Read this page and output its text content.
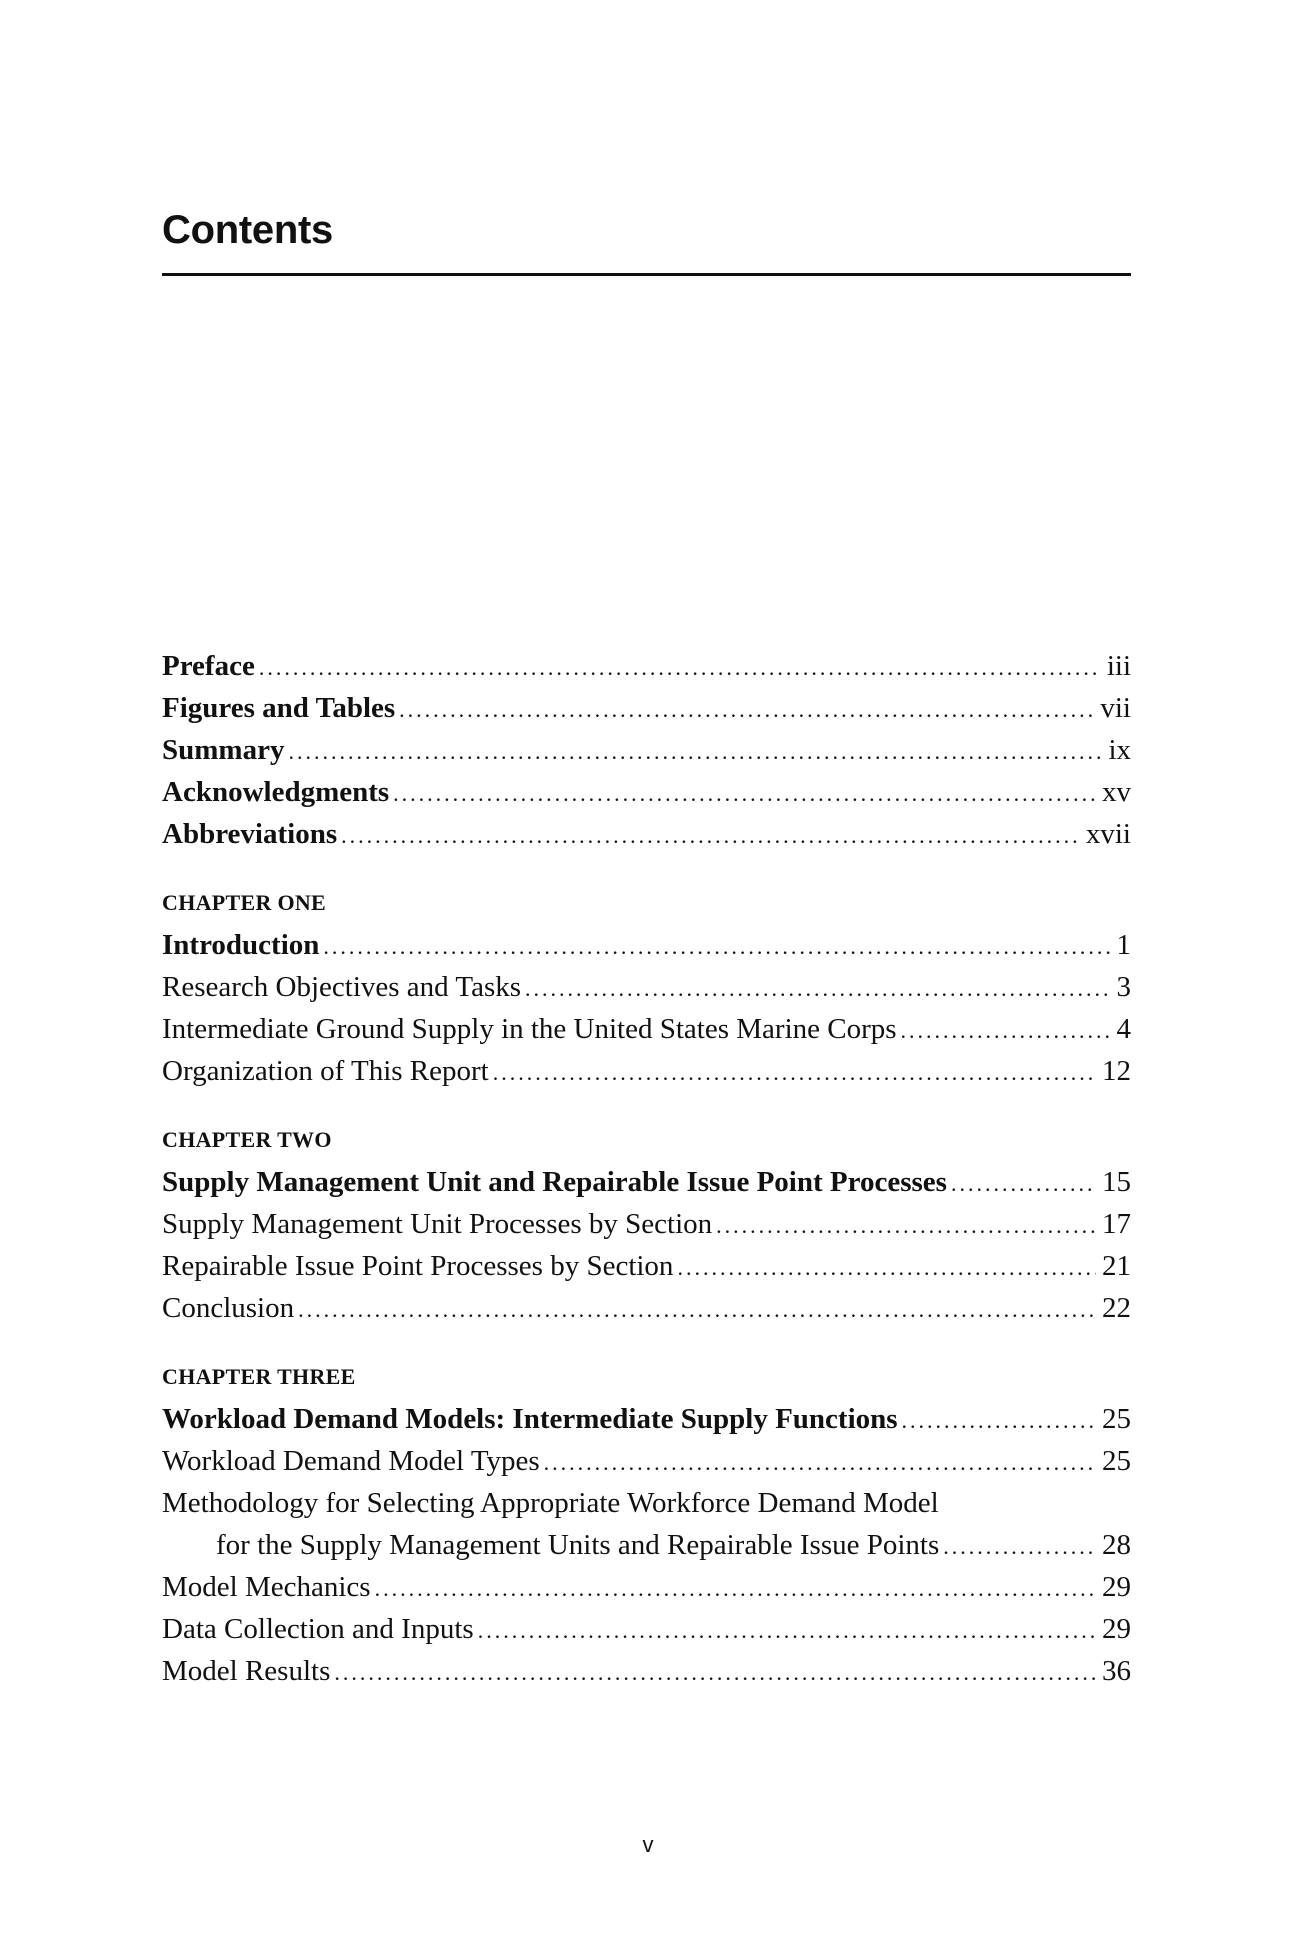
Contents
Preface .....	iii
Figures and Tables .....	vii
Summary .....	ix
Acknowledgments .....	xv
Abbreviations .....	xvii
CHAPTER ONE
Introduction .....	1
Research Objectives and Tasks .....	3
Intermediate Ground Supply in the United States Marine Corps .....	4
Organization of This Report .....	12
CHAPTER TWO
Supply Management Unit and Repairable Issue Point Processes .....	15
Supply Management Unit Processes by Section .....	17
Repairable Issue Point Processes by Section .....	21
Conclusion .....	22
CHAPTER THREE
Workload Demand Models: Intermediate Supply Functions .....	25
Workload Demand Model Types .....	25
Methodology for Selecting Appropriate Workforce Demand Model
for the Supply Management Units and Repairable Issue Points .....	28
Model Mechanics .....	29
Data Collection and Inputs .....	29
Model Results .....	36
v
